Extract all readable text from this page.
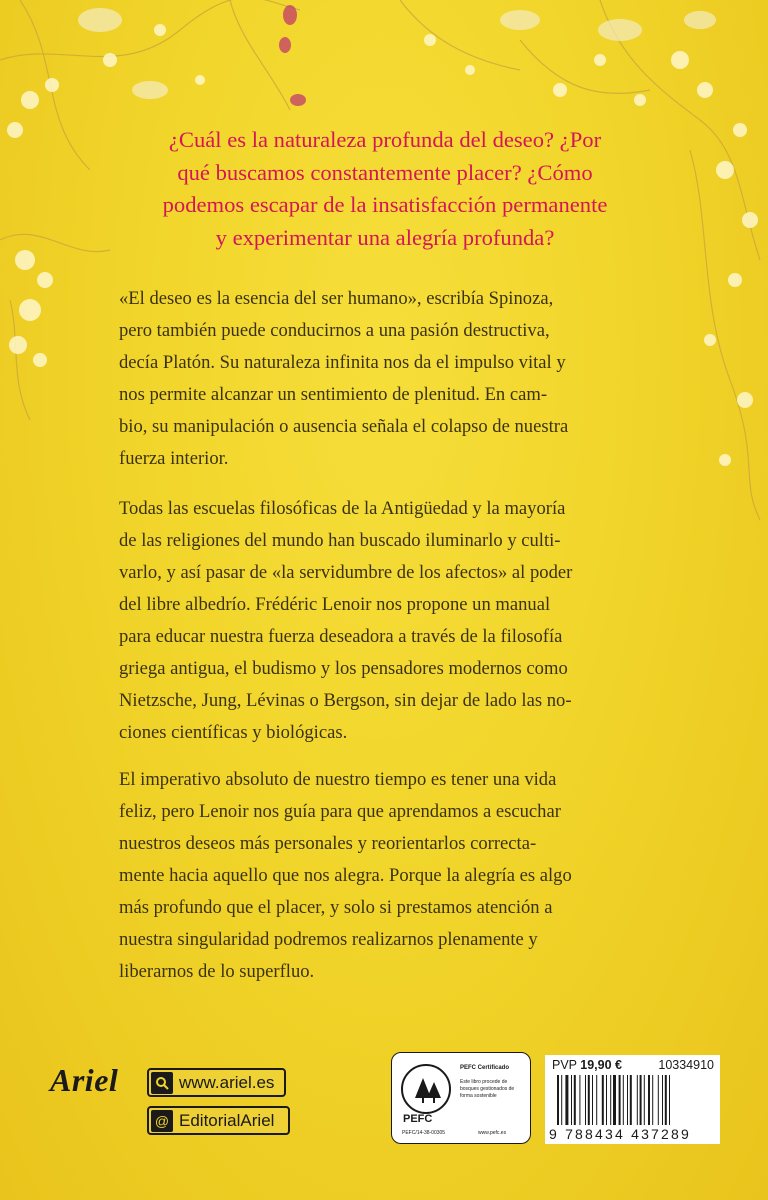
¿Cuál es la naturaleza profunda del deseo? ¿Por
qué buscamos constantemente placer? ¿Cómo
podemos escapar de la insatisfacción permanente
y experimentar una alegría profunda?

«El deseo es la esencia del ser humano», escribía Spinoza,
pero también puede conducirnos a una pasión destructiva,
decía Platón. Su naturaleza infinita nos da el impulso vital y
nos permite alcanzar un sentimiento de plenitud. En cam-
bio, su manipulación o ausencia señala el colapso de nuestra
fuerza interior.

Todas las escuelas filosóficas de la Antigüedad y la mayoría
de las religiones del mundo han buscado iluminarlo y culti-
varlo, y así pasar de «la servidumbre de los afectos» al poder
del libre albedrío. Frédéric Lenoir nos propone un manual
para educar nuestra fuerza deseadora a través de la filosofía
griega antigua, el budismo y los pensadores modernos como
Nietzsche, Jung, Lévinas o Bergson, sin dejar de lado las no-
ciones científicas y biológicas.

El imperativo absoluto de nuestro tiempo es tener una vida
feliz, pero Lenoir nos guía para que aprendamos a escuchar
nuestros deseos más personales y reorientarlos correcta-
mente hacia aquello que nos alegra. Porque la alegría es algo
más profundo que el placer, y solo si prestamos atención a
nuestra singularidad podremos realizarnos plenamente y
liberarnos de lo superfluo.

Ariel	www.ariel.es
@ EditorialAriel	PEFC
PEFC Certificado
Este libro procede de bosques gestionados de forma sostenible
PEFC/14-38-00305	www.pefc.es
PVP 19,90 €	10334910
9 788434 437289
